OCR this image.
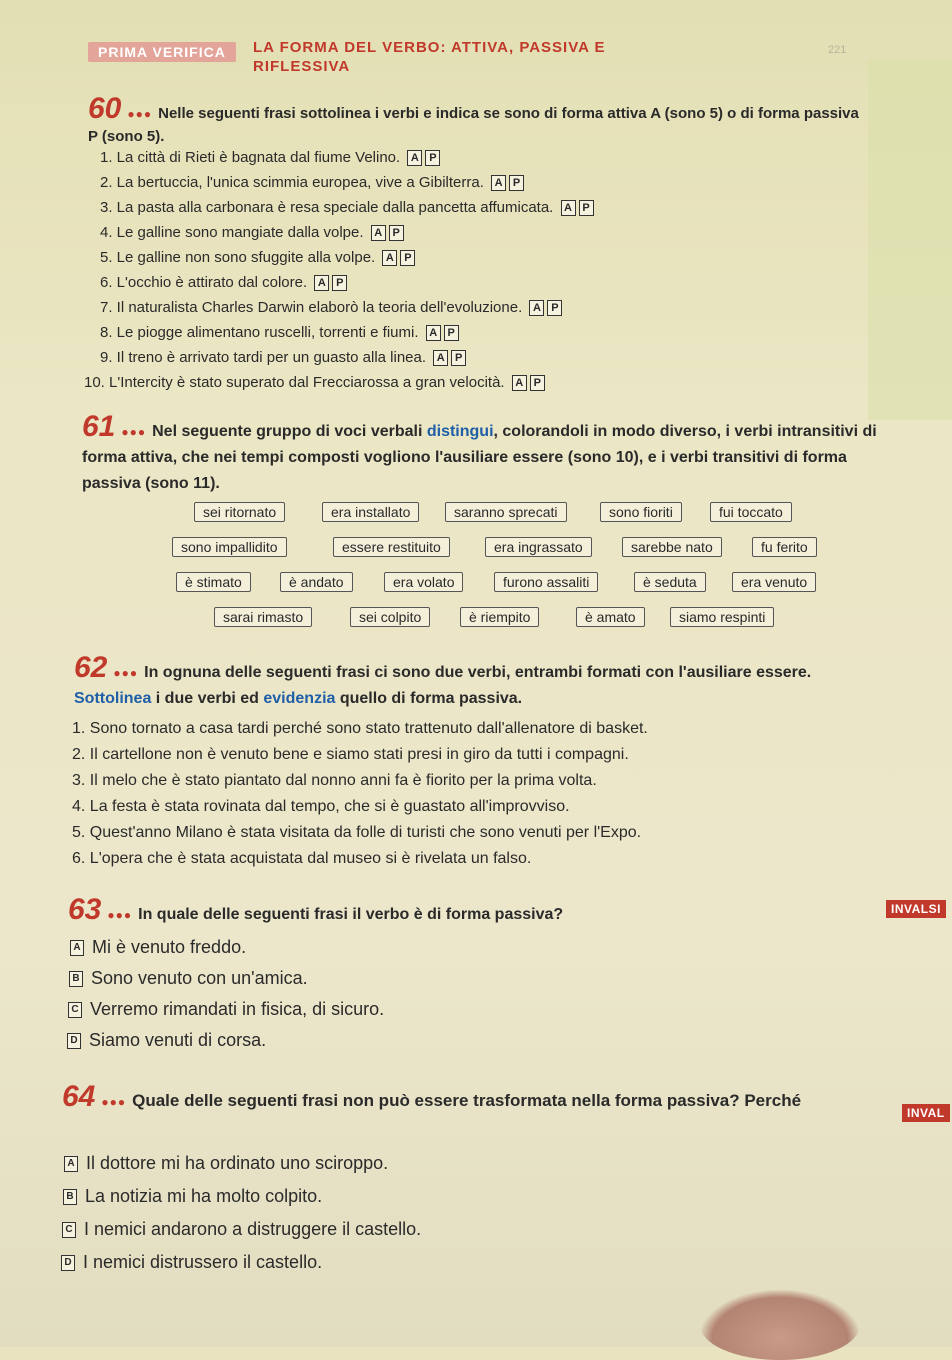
PRIMA VERIFICA	LA FORMA DEL VERBO: ATTIVA, PASSIVA E RIFLESSIVA
221
60 ●●● Nelle seguenti frasi sottolinea i verbi e indica se sono di forma attiva A (sono 5) o di forma passiva P (sono 5).
1. La città di Rieti è bagnata dal fiume Velino. A P
2. La bertuccia, l'unica scimmia europea, vive a Gibilterra. A P
3. La pasta alla carbonara è resa speciale dalla pancetta affumicata. A P
4. Le galline sono mangiate dalla volpe. A P
5. Le galline non sono sfuggite alla volpe. A P
6. L'occhio è attirato dal colore. A P
7. Il naturalista Charles Darwin elaborò la teoria dell'evoluzione. A P
8. Le piogge alimentano ruscelli, torrenti e fiumi. A P
9. Il treno è arrivato tardi per un guasto alla linea. A P
10. L'Intercity è stato superato dal Frecciarossa a gran velocità. A P
61 ●●● Nel seguente gruppo di voci verbali distingui, colorandoli in modo diverso, i verbi intransitivi di forma attiva, che nei tempi composti vogliono l'ausiliare essere (sono 10), e i verbi transitivi di forma passiva (sono 11).
sei ritornato	era installato	saranno sprecati	sono fioriti	fui toccato
sono impallidito	essere restituito	era ingrassato	sarebbe nato	fu ferito
è stimato	è andato	era volato	furono assaliti	è seduta	era venuto
sarai rimasto	sei colpito	è riempito	è amato	siamo respinti
62 ●●● In ognuna delle seguenti frasi ci sono due verbi, entrambi formati con l'ausiliare essere.
Sottolinea i due verbi ed evidenzia quello di forma passiva.
1. Sono tornato a casa tardi perché sono stato trattenuto dall'allenatore di basket.
2. Il cartellone non è venuto bene e siamo stati presi in giro da tutti i compagni.
3. Il melo che è stato piantato dal nonno anni fa è fiorito per la prima volta.
4. La festa è stata rovinata dal tempo, che si è guastato all'improvviso.
5. Quest'anno Milano è stata visitata da folle di turisti che sono venuti per l'Expo.
6. L'opera che è stata acquistata dal museo si è rivelata un falso.
63 ●●● In quale delle seguenti frasi il verbo è di forma passiva?	INVALSI
A Mi è venuto freddo.
B Sono venuto con un'amica.
C Verremo rimandati in fisica, di sicuro.
D Siamo venuti di corsa.
64 ●●● Quale delle seguenti frasi non può essere trasformata nella forma passiva? Perché
INVAL
A Il dottore mi ha ordinato uno sciroppo.
B La notizia mi ha molto colpito.
C I nemici andarono a distruggere il castello.
D I nemici distrussero il castello.
